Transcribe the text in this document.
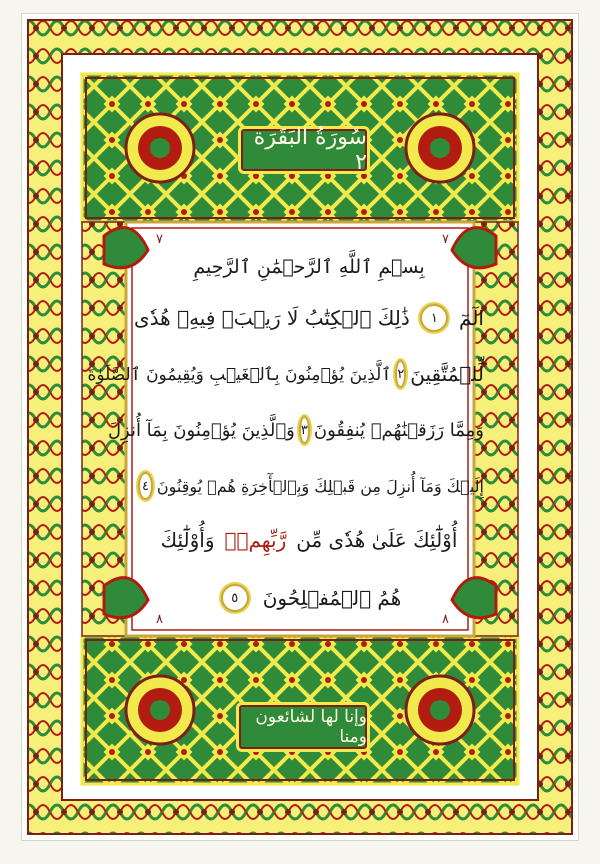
٧	٧
٨	٨
سُورَةُ البَقَرَة ٢
بِسۡمِ ٱللَّهِ ٱلرَّحۡمَٰنِ ٱلرَّحِيمِ
الٓمٓ
١
ذَٰلِكَ ٱلۡكِتَٰبُ لَا رَيۡبَۛ فِيهِۛ هُدٗى
لِّلۡمُتَّقِينَ
٢
ٱلَّذِينَ يُؤۡمِنُونَ بِٱلۡغَيۡبِ وَيُقِيمُونَ ٱلصَّلَوٰةَ
وَمِمَّا رَزَقۡنَٰهُمۡ يُنفِقُونَ
٣
وَٱلَّذِينَ يُؤۡمِنُونَ بِمَآ أُنزِلَ
إِلَيۡكَ وَمَآ أُنزِلَ مِن قَبۡلِكَ وَبِٱلۡأٓخِرَةِ هُمۡ يُوقِنُونَ
٤
أُوْلَٰٓئِكَ عَلَىٰ هُدٗى مِّن
رَّبِّهِمۡۖ
وَأُوْلَٰٓئِكَ
هُمُ ٱلۡمُفۡلِحُونَ
٥
وإنا لها لشائعون ومنا
